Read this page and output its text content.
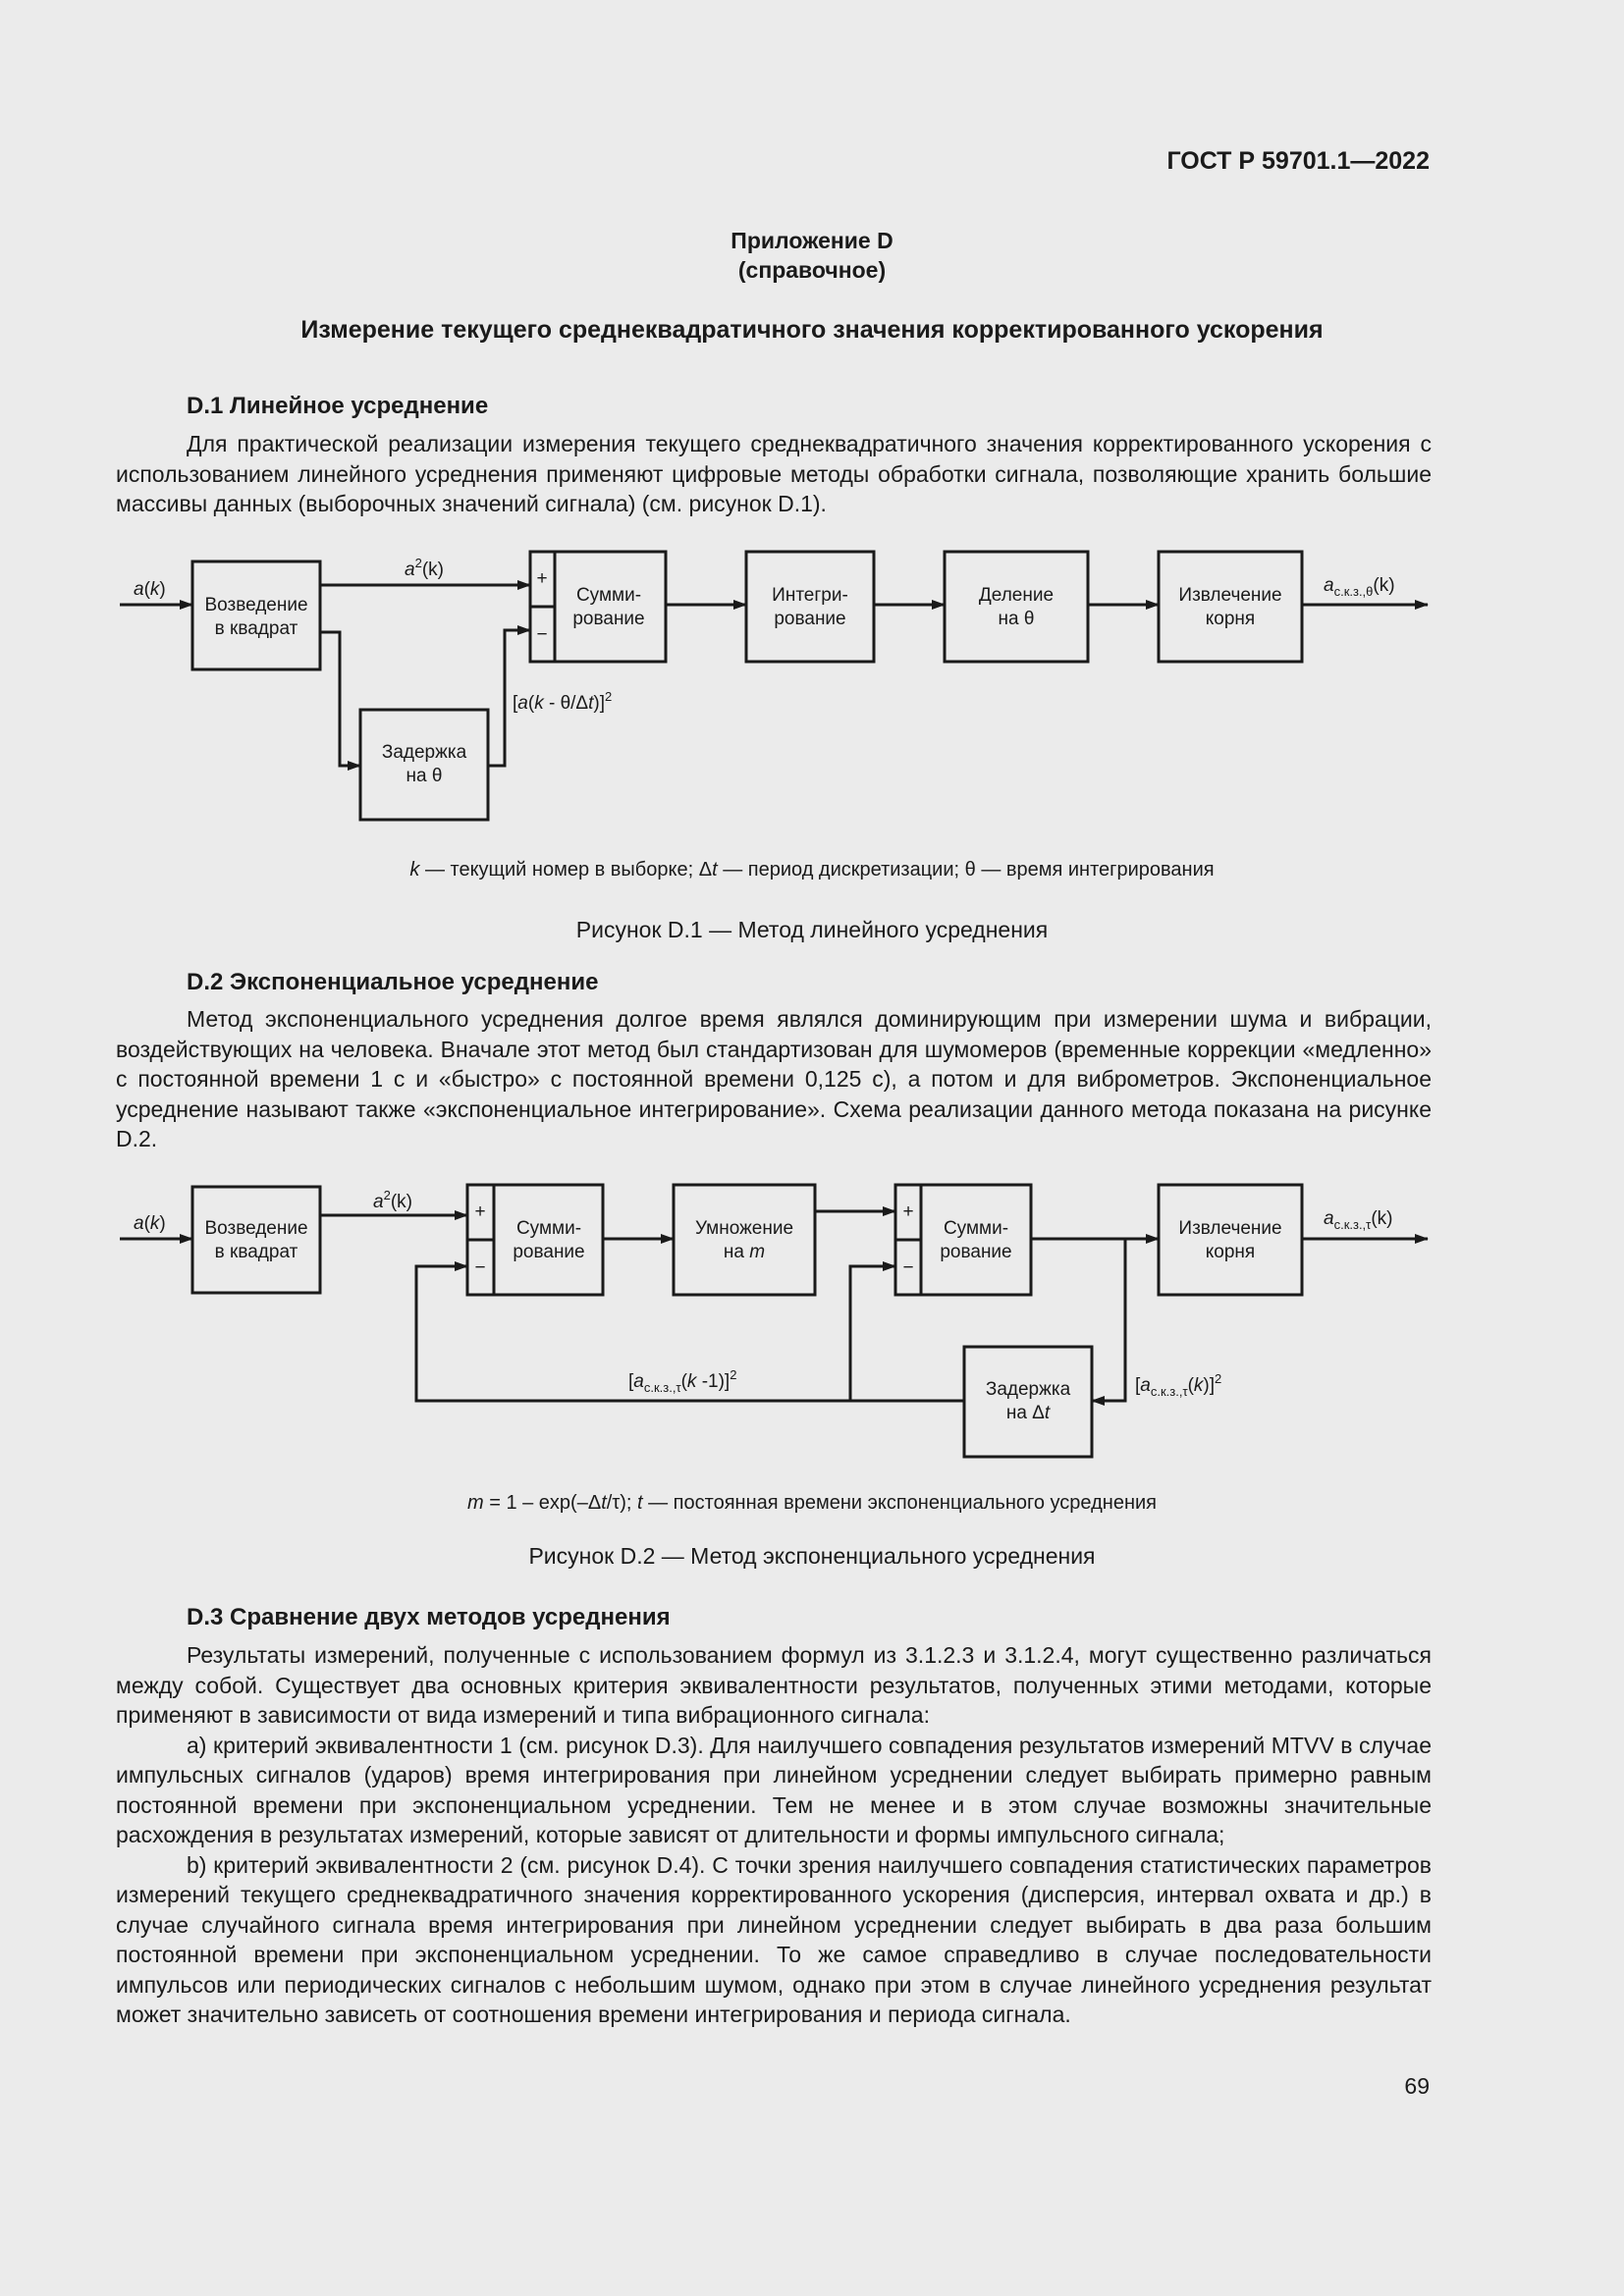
ГОСТ Р 59701.1—2022
Приложение D
(справочное)
Измерение текущего среднеквадратичного значения корректированного ускорения
D.1 Линейное усреднение
Для практической реализации измерения текущего среднеквадратичного значения корректированного ускорения с использованием линейного усреднения применяют цифровые методы обработки сигнала, позволяющие хранить большие массивы данных (выборочных значений сигнала) (см. рисунок D.1).
a(k)
Возведение
в квадрат
$a^2(k)$
Задержка
на θ
[a(k - θ/Δt)]$^2$
+
−
Сумми-
рование
Интегри-
рование
Деление
на θ
Извлечение
корня
$a_{с.к.з.,\theta}(k)$
k — текущий номер в выборке; Δt — период дискретизации; θ — время интегрирования
Рисунок D.1 — Метод линейного усреднения
D.2 Экспоненциальное усреднение
Метод экспоненциального усреднения долгое время являлся доминирующим при измерении шума и вибрации, воздействующих на человека. Вначале этот метод был стандартизован для шумомеров (временные коррекции «медленно» с постоянной времени 1 с и «быстро» с постоянной времени 0,125 с), а потом и для виброметров. Экспоненциальное усреднение называют также «экспоненциальное интегрирование». Схема реализации данного метода показана на рисунке D.2.
a(k) Возведение
в квадрат
$a^2(k)$	+
−
Сумми-
рование
Умножение
на m
+
−
Сумми-
рование
Извлечение
корня
$a_{с.к.з.,\tau}(k)$
$[a_{с.к.з.,\tau}(k)]^2$
Задержка
на Δt
[$a_{с.к.з.,\tau}(k$ -1)]$^2$
m = 1 – exp(–Δt/τ); t — постоянная времени экспоненциального усреднения
Рисунок D.2 — Метод экспоненциального усреднения
D.3 Сравнение двух методов усреднения

Результаты измерений, полученные с использованием формул из 3.1.2.3 и 3.1.2.4, могут существенно различаться между собой. Существует два основных критерия эквивалентности результатов, полученных этими методами, которые применяют в зависимости от вида измерений и типа вибрационного сигнала:

a) критерий эквивалентности 1 (см. рисунок D.3). Для наилучшего совпадения результатов измерений MTVV в случае импульсных сигналов (ударов) время интегрирования при линейном усреднении следует выбирать примерно равным постоянной времени при экспоненциальном усреднении. Тем не менее и в этом случае возможны значительные расхождения в результатах измерений, которые зависят от длительности и формы импульсного сигнала;

b) критерий эквивалентности 2 (см. рисунок D.4). С точки зрения наилучшего совпадения статистических параметров измерений текущего среднеквадратичного значения корректированного ускорения (дисперсия, интервал охвата и др.) в случае случайного сигнала время интегрирования при линейном усреднении следует выбирать в два раза большим постоянной времени при экспоненциальном усреднении. То же самое справедливо в случае последовательности импульсов или периодических сигналов с небольшим шумом, однако при этом в случае линейного усреднения результат может значительно зависеть от соотношения времени интегрирования и периода сигнала.

69
